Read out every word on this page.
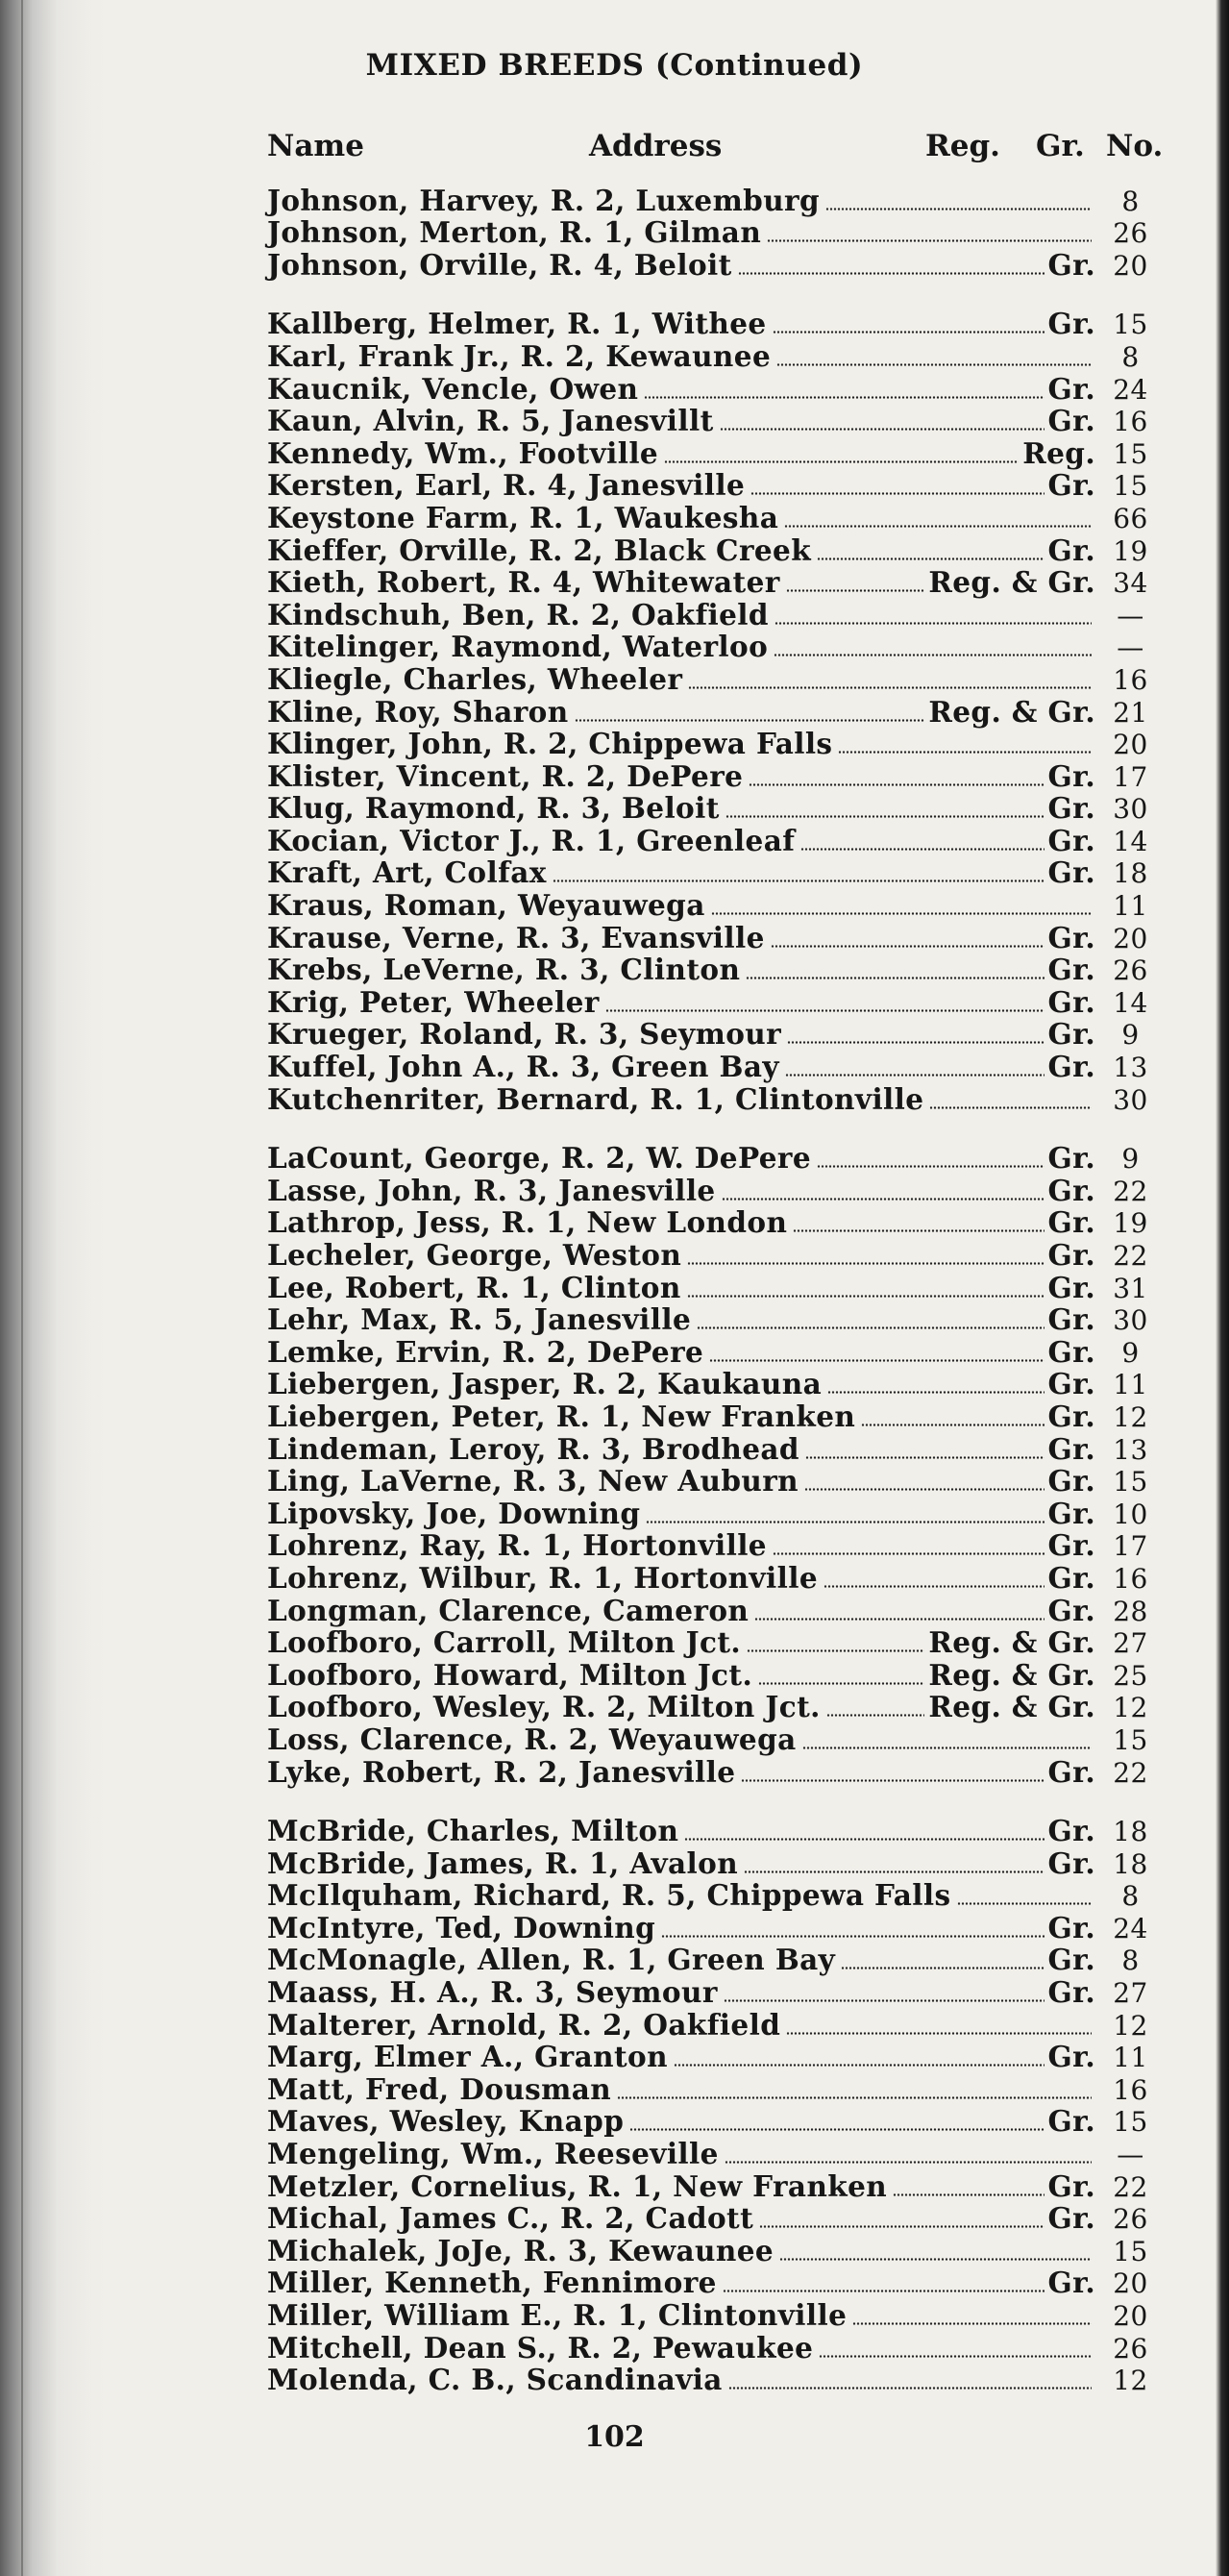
MIXED BREEDS (Continued)
Name	Address	Reg. Gr. No.
Johnson, Harvey, R. 2, Luxemburg	8
Johnson, Merton, R. 1, Gilman	26
Johnson, Orville, R. 4, Beloit	Gr. 20
Kallberg, Helmer, R. 1, Withee	Gr. 15
Karl, Frank Jr., R. 2, Kewaunee	8
Kaucnik, Vencle, Owen	Gr. 24
Kaun, Alvin, R. 5, Janesvillt	Gr. 16
Kennedy, Wm., Footville	Reg. 15
Kersten, Earl, R. 4, Janesville	Gr. 15
Keystone Farm, R. 1, Waukesha	66
Kieffer, Orville, R. 2, Black Creek	Gr. 19
Kieth, Robert, R. 4, Whitewater	Reg. & Gr. 34
Kindschuh, Ben, R. 2, Oakfield	—
Kitelinger, Raymond, Waterloo	—
Kliegle, Charles, Wheeler	16
Kline, Roy, Sharon	Reg. & Gr. 21
Klinger, John, R. 2, Chippewa Falls	20
Klister, Vincent, R. 2, DePere	Gr. 17
Klug, Raymond, R. 3, Beloit	Gr. 30
Kocian, Victor J., R. 1, Greenleaf	Gr. 14
Kraft, Art, Colfax	Gr. 18
Kraus, Roman, Weyauwega	11
Krause, Verne, R. 3, Evansville	Gr. 20
Krebs, LeVerne, R. 3, Clinton	Gr. 26
Krig, Peter, Wheeler	Gr. 14
Krueger, Roland, R. 3, Seymour	Gr. 9
Kuffel, John A., R. 3, Green Bay	Gr. 13
Kutchenriter, Bernard, R. 1, Clintonville	30
LaCount, George, R. 2, W. DePere	Gr. 9
Lasse, John, R. 3, Janesville	Gr. 22
Lathrop, Jess, R. 1, New London	Gr. 19
Lecheler, George, Weston	Gr. 22
Lee, Robert, R. 1, Clinton	Gr. 31
Lehr, Max, R. 5, Janesville	Gr. 30
Lemke, Ervin, R. 2, DePere	Gr. 9
Liebergen, Jasper, R. 2, Kaukauna	Gr. 11
Liebergen, Peter, R. 1, New Franken	Gr. 12
Lindeman, Leroy, R. 3, Brodhead	Gr. 13
Ling, LaVerne, R. 3, New Auburn	Gr. 15
Lipovsky, Joe, Downing	Gr. 10
Lohrenz, Ray, R. 1, Hortonville	Gr. 17
Lohrenz, Wilbur, R. 1, Hortonville	Gr. 16
Longman, Clarence, Cameron	Gr. 28
Loofboro, Carroll, Milton Jct.	Reg. & Gr. 27
Loofboro, Howard, Milton Jct.	Reg. & Gr. 25
Loofboro, Wesley, R. 2, Milton Jct.	Reg. & Gr. 12
Loss, Clarence, R. 2, Weyauwega	15
Lyke, Robert, R. 2, Janesville	Gr. 22
McBride, Charles, Milton	Gr. 18
McBride, James, R. 1, Avalon	Gr. 18
McIlquham, Richard, R. 5, Chippewa Falls	8
McIntyre, Ted, Downing	Gr. 24
McMonagle, Allen, R. 1, Green Bay	Gr. 8
Maass, H. A., R. 3, Seymour	Gr. 27
Malterer, Arnold, R. 2, Oakfield	12
Marg, Elmer A., Granton	Gr. 11
Matt, Fred, Dousman	16
Maves, Wesley, Knapp	Gr. 15
Mengeling, Wm., Reeseville	—
Metzler, Cornelius, R. 1, New Franken	Gr. 22
Michal, James C., R. 2, Cadott	Gr. 26
Michalek, JoJe, R. 3, Kewaunee	15
Miller, Kenneth, Fennimore	Gr. 20
Miller, William E., R. 1, Clintonville	20
Mitchell, Dean S., R. 2, Pewaukee	26
Molenda, C. B., Scandinavia	12
102
